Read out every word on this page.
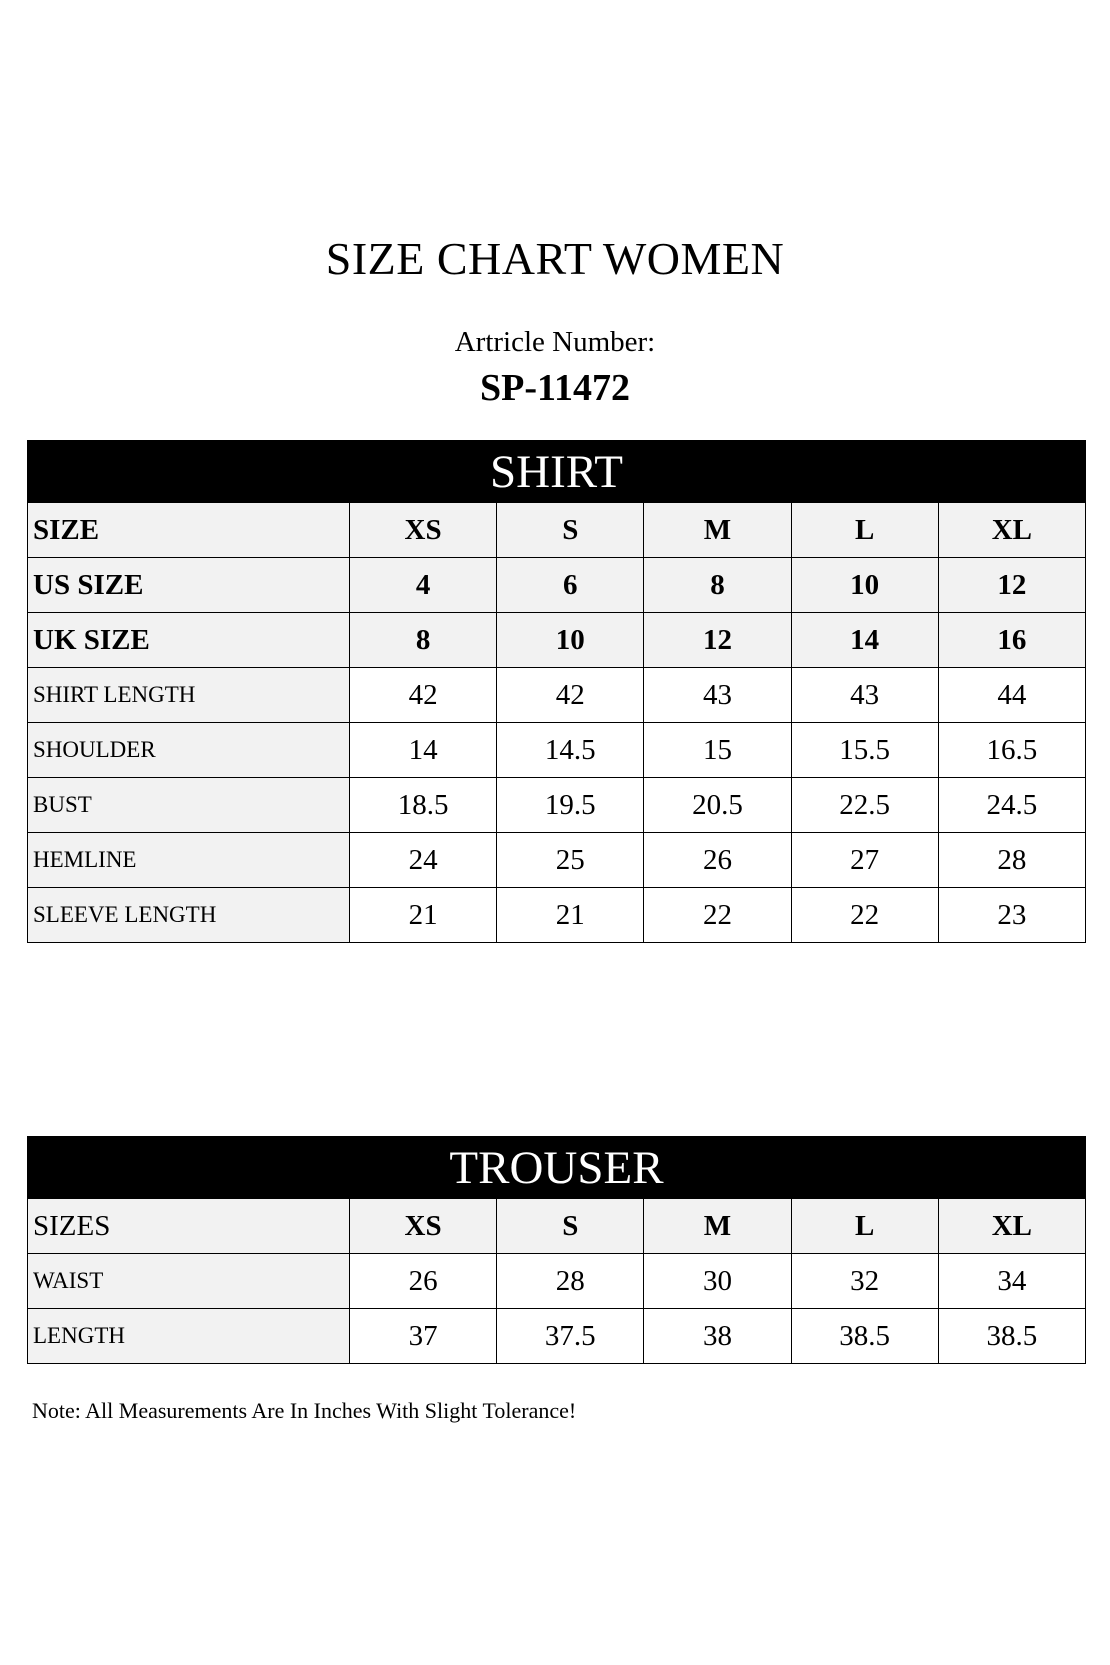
SIZE CHART WOMEN
Artricle Number:
SP-11472
SHIRT					
SIZE	XS	S	M	L	XL
US SIZE	4	6	8	10	12
UK SIZE	8	10	12	14	16
SHIRT LENGTH	42	42	43	43	44
SHOULDER	14	14.5	15	15.5	16.5
BUST	18.5	19.5	20.5	22.5	24.5
HEMLINE	24	25	26	27	28
SLEEVE LENGTH	21	21	22	22	23
TROUSER					
SIZES	XS	S	M	L	XL
WAIST	26	28	30	32	34
LENGTH	37	37.5	38	38.5	38.5
Note: All Measurements Are In Inches With Slight Tolerance!
